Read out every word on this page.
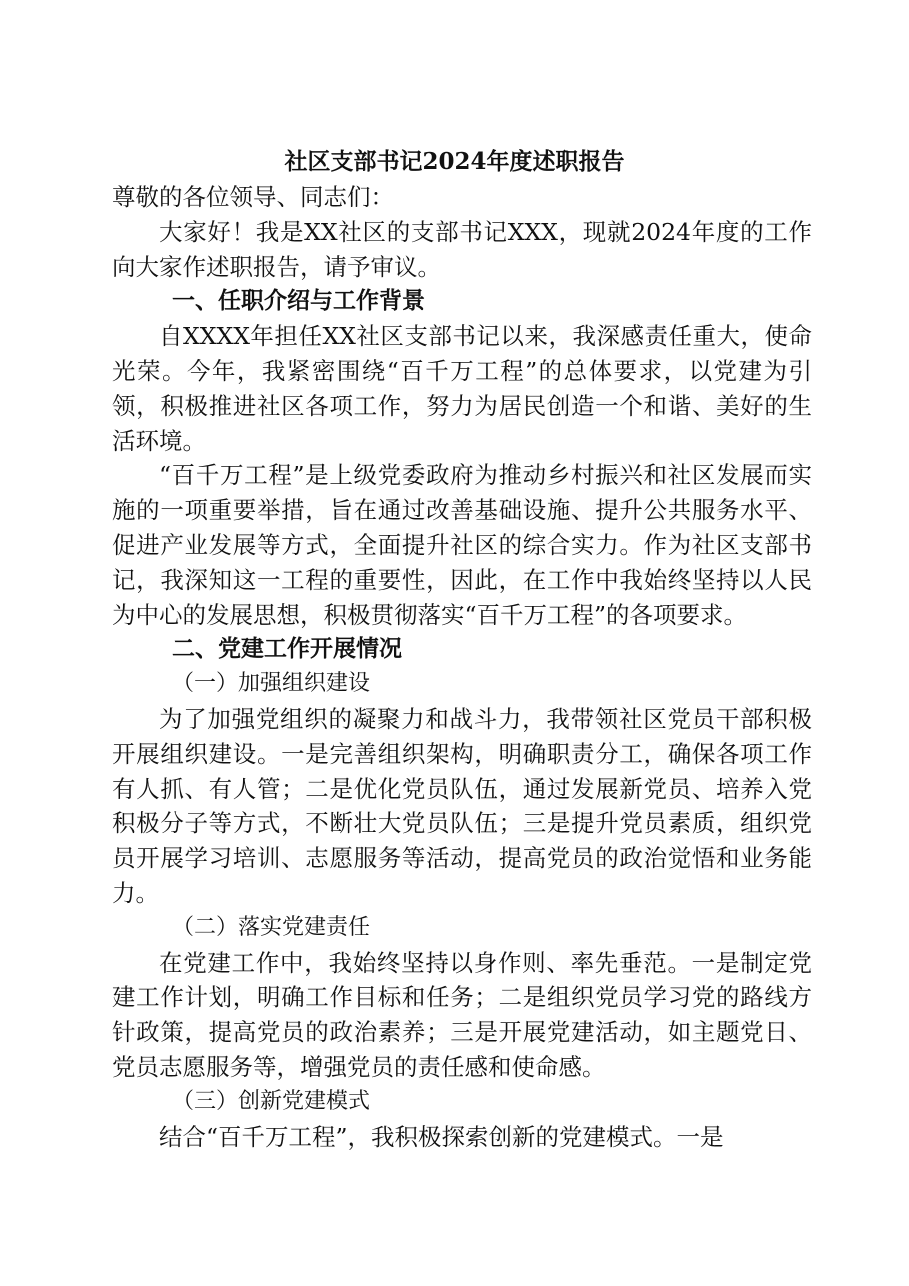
社区支部书记2024年度述职报告

尊敬的各位领导、同志们：

大家好！我是XX社区的支部书记XXX，现就2024年度的工作向大家作述职报告，请予审议。

一、任职介绍与工作背景

自XXXX年担任XX社区支部书记以来，我深感责任重大，使命光荣。今年，我紧密围绕“百千万工程”的总体要求，以党建为引领，积极推进社区各项工作，努力为居民创造一个和谐、美好的生活环境。

“百千万工程”是上级党委政府为推动乡村振兴和社区发展而实施的一项重要举措，旨在通过改善基础设施、提升公共服务水平、促进产业发展等方式，全面提升社区的综合实力。作为社区支部书记，我深知这一工程的重要性，因此，在工作中我始终坚持以人民为中心的发展思想，积极贯彻落实“百千万工程”的各项要求。

二、党建工作开展情况

（一）加强组织建设

为了加强党组织的凝聚力和战斗力，我带领社区党员干部积极开展组织建设。一是完善组织架构，明确职责分工，确保各项工作有人抓、有人管；二是优化党员队伍，通过发展新党员、培养入党积极分子等方式，不断壮大党员队伍；三是提升党员素质，组织党员开展学习培训、志愿服务等活动，提高党员的政治觉悟和业务能力。

（二）落实党建责任

在党建工作中，我始终坚持以身作则、率先垂范。一是制定党建工作计划，明确工作目标和任务；二是组织党员学习党的路线方针政策，提高党员的政治素养；三是开展党建活动，如主题党日、党员志愿服务等，增强党员的责任感和使命感。

（三）创新党建模式

结合“百千万工程”，我积极探索创新的党建模式。一是
